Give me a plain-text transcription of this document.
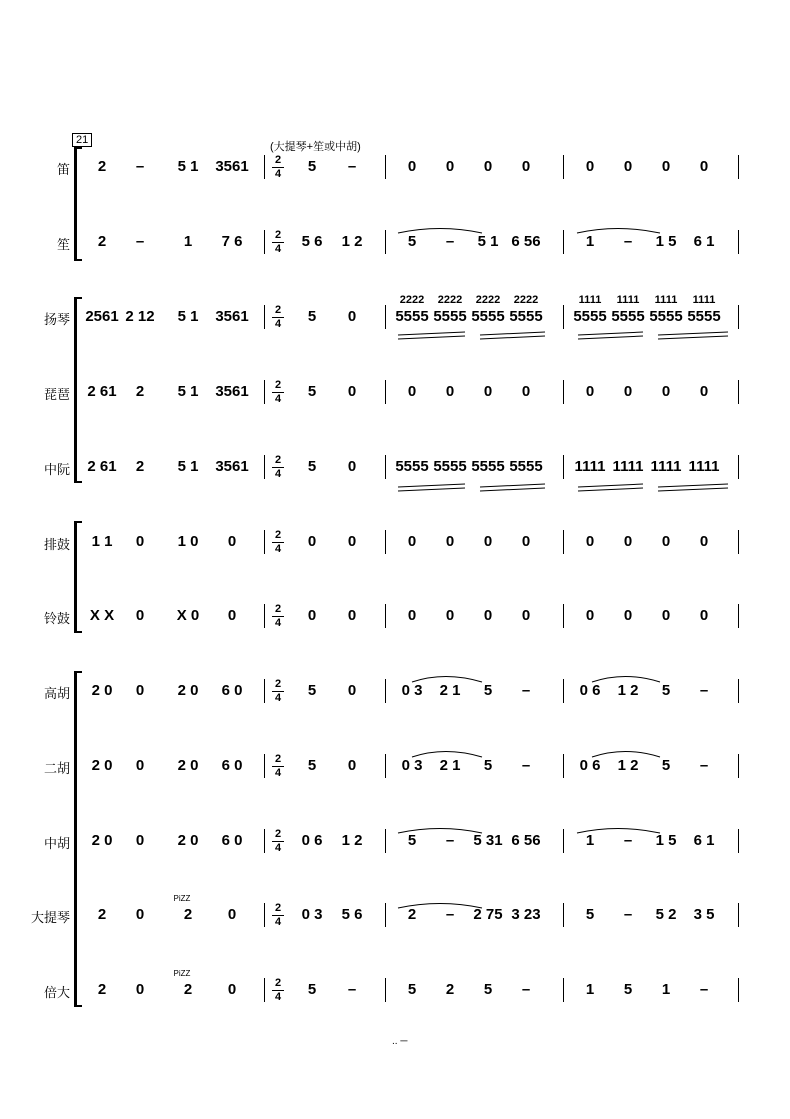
21
(大提琴+笙或中胡)
笛 2 – 5 1 3561	5 –	0 0 0 0	0 0 0 0
2
4
笙 2 –	1 7 6	5 6 1 2	5 – 5 1 6 56	1 – 1 5 6 1
2
4
扬琴 2561 2 12 5 1 3561	5 0	5555 5555 5555 5555 5555 5555 5555 5555
2222 2222 2222 2222	1111 1111 1111 1111
2
4
琵琶 2 61 2 5 1 3561	5 0	0 0 0 0	0 0 0 0
2
4
中阮 2 61 2 5 1 3561	5 0	5555 5555 5555 5555 1111 1111 1111 1111
2
4
排鼓 1 1 0 1 0 0	0 0	0 0 0 0	0 0 0 0
2
4
铃鼓 X X 0 X 0 0	0 0	0 0 0 0	0 0 0 0
2
4
高胡 2 0 0 2 0 6 0	5 0	0 3 2 1 5 –	0 6 1 2 5 –
2
4
二胡 2 0 0 2 0 6 0	5 0	0 3 2 1 5 –	0 6 1 2 5 –
2
4
中胡 2 0 0 2 0 6 0	0 6 1 2	5 – 5 31 6 56	1 – 1 5 6 1
2
4
大提琴 2 0	2 0	0 3 5 6	2 – 2 75 3 23	5 – 5 2 3 5
2
4
PiZZ
倍大 2 0	2 0	5 –	5 2 5 –	1 5 1 –
2
4
PiZZ
.. ─
